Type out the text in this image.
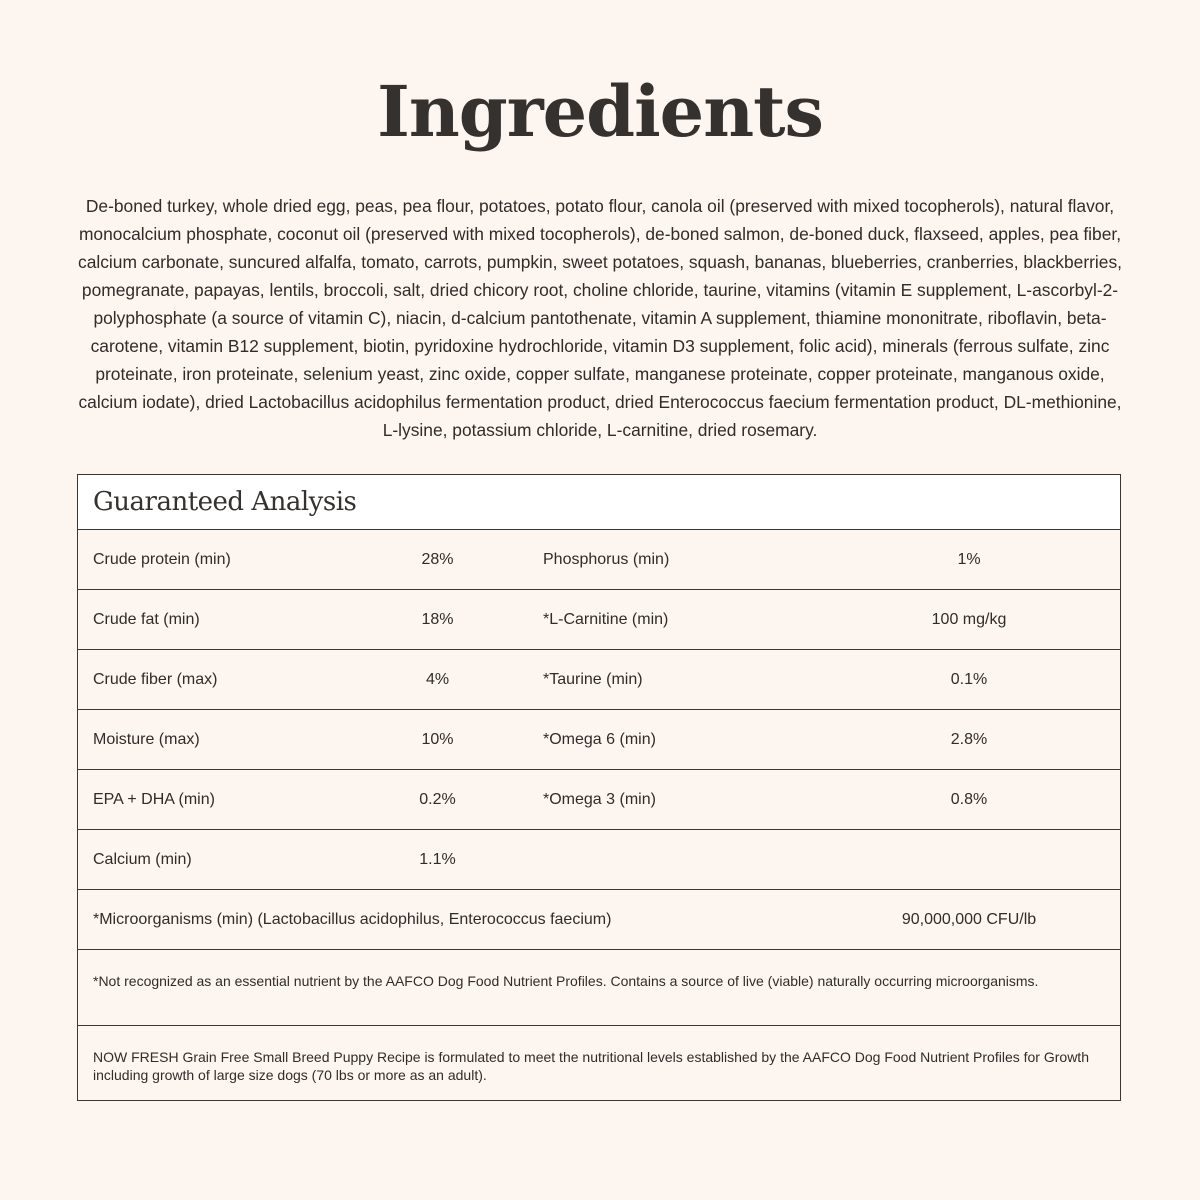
Ingredients

De-boned turkey, whole dried egg, peas, pea flour, potatoes, potato flour, canola oil (preserved with mixed tocopherols), natural flavor, monocalcium phosphate, coconut oil (preserved with mixed tocopherols), de-boned salmon, de-boned duck, flaxseed, apples, pea fiber, calcium carbonate, suncured alfalfa, tomato, carrots, pumpkin, sweet potatoes, squash, bananas, blueberries, cranberries, blackberries, pomegranate, papayas, lentils, broccoli, salt, dried chicory root, choline chloride, taurine, vitamins (vitamin E supplement, L-ascorbyl-2-polyphosphate (a source of vitamin C), niacin, d-calcium pantothenate, vitamin A supplement, thiamine mononitrate, riboflavin, beta-carotene, vitamin B12 supplement, biotin, pyridoxine hydrochloride, vitamin D3 supplement, folic acid), minerals (ferrous sulfate, zinc proteinate, iron proteinate, selenium yeast, zinc oxide, copper sulfate, manganese proteinate, copper proteinate, manganous oxide, calcium iodate), dried Lactobacillus acidophilus fermentation product, dried Enterococcus faecium fermentation product, DL-methionine, L-lysine, potassium chloride, L-carnitine, dried rosemary.

Guaranteed Analysis
Crude protein (min)	28%	Phosphorus (min)	1%
Crude fat (min)	18%	*L-Carnitine (min)	100 mg/kg
Crude fiber (max)	4%	*Taurine (min)	0.1%
Moisture (max)	10%	*Omega 6 (min)	2.8%
EPA + DHA (min)	0.2%	*Omega 3 (min)	0.8%
Calcium (min)	1.1%
*Microorganisms (min) (Lactobacillus acidophilus, Enterococcus faecium)	90,000,000 CFU/lb
*Not recognized as an essential nutrient by the AAFCO Dog Food Nutrient Profiles. Contains a source of live (viable) naturally occurring microorganisms.
NOW FRESH Grain Free Small Breed Puppy Recipe is formulated to meet the nutritional levels established by the AAFCO Dog Food Nutrient Profiles for Growth including growth of large size dogs (70 lbs or more as an adult).
